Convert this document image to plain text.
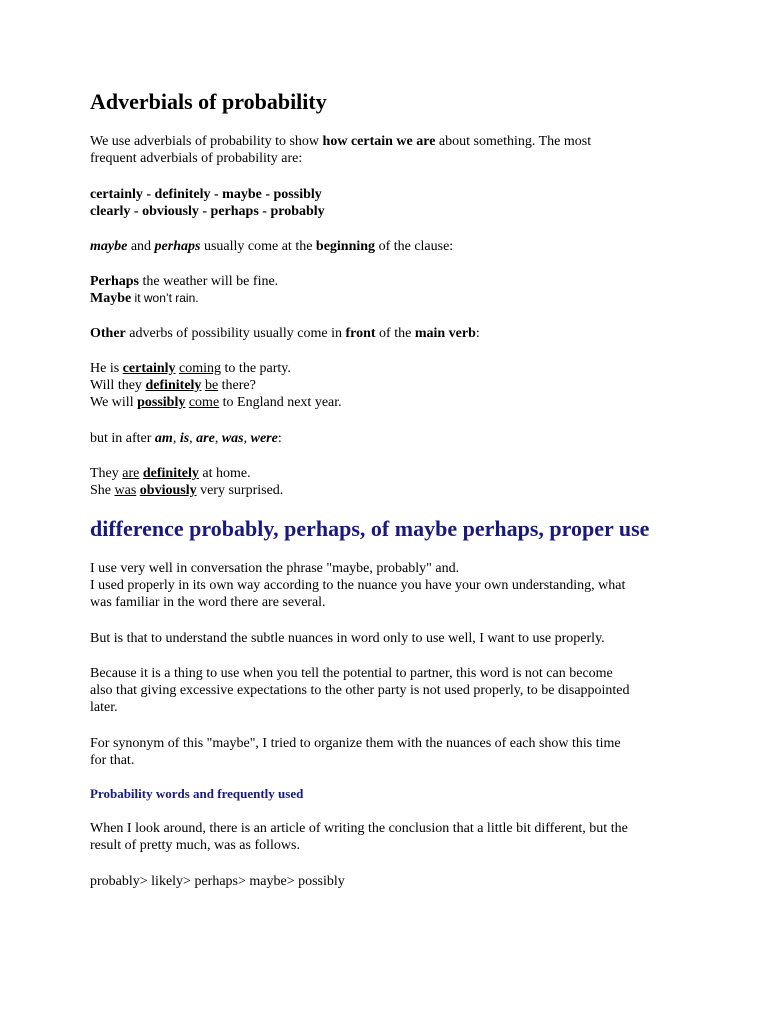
Adverbials of probability

We use adverbials of probability to show how certain we are about something. The most
frequent adverbials of probability are:

certainly - definitely - maybe - possibly
clearly - obviously - perhaps - probably

maybe and perhaps usually come at the beginning of the clause:

Perhaps the weather will be fine.
Maybe it won’t rain.

Other adverbs of possibility usually come in front of the main verb:

He is certainly coming to the party.
Will they definitely be there?
We will possibly come to England next year.

but in after am, is, are, was, were:

They are definitely at home.
She was obviously very surprised.

difference probably, perhaps, of maybe perhaps, proper use

I use very well in conversation the phrase "maybe, probably" and.
I used properly in its own way according to the nuance you have your own understanding, what
was familiar in the word there are several.

But is that to understand the subtle nuances in word only to use well, I want to use properly.

Because it is a thing to use when you tell the potential to partner, this word is not can become
also that giving excessive expectations to the other party is not used properly, to be disappointed
later.

For synonym of this "maybe", I tried to organize them with the nuances of each show this time
for that.

Probability words and frequently used

When I look around, there is an article of writing the conclusion that a little bit different, but the
result of pretty much, was as follows.

probably> likely> perhaps> maybe> possibly
